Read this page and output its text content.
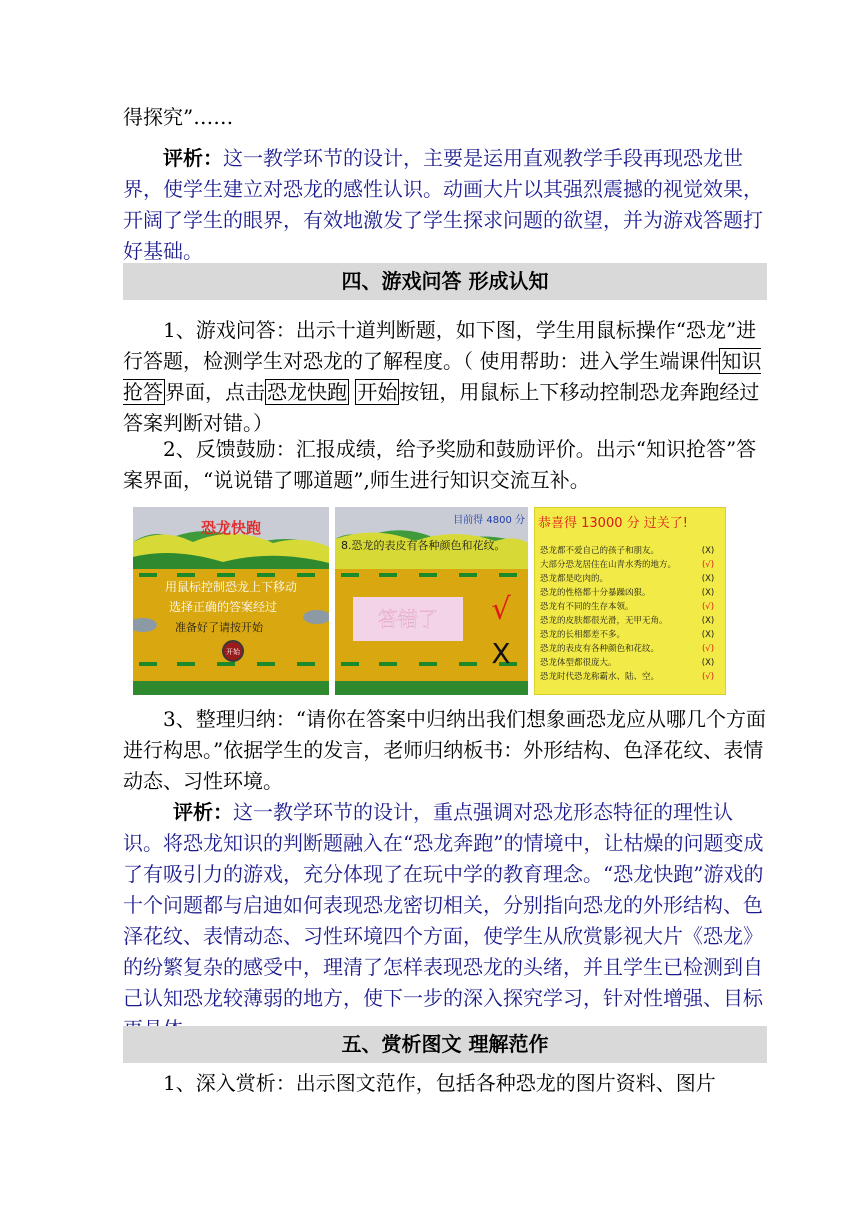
得探究”……

评析：这一教学环节的设计，主要是运用直观教学手段再现恐龙世界，使学生建立对恐龙的感性认识。动画大片以其强烈震撼的视觉效果，开阔了学生的眼界，有效地激发了学生探求问题的欲望，并为游戏答题打好基础。

四、游戏问答 形成认知

1、游戏问答：出示十道判断题，如下图，学生用鼠标操作“恐龙”进行答题，检测学生对恐龙的了解程度。（ 使用帮助：进入学生端课件 知识抢答 界面，点击 恐龙快跑 开始 按钮，用鼠标上下移动控制恐龙奔跑经过答案判断对错。）

2、反馈鼓励：汇报成绩，给予奖励和鼓励评价。出示“知识抢答”答案界面，“说说错了哪道题”,师生进行知识交流互补。

恐龙快跑
用鼠标控制恐龙上下移动
选择正确的答案经过
准备好了请按开始
开始
目前得 4800 分
8.恐龙的表皮有各种颜色和花纹。
答错了 √
X
恭喜得 13000 分 过关了!
恐龙都不爱自己的孩子和朋友。	(X)
大部分恐龙居住在山青水秀的地方。	(√)
恐龙都是吃肉的。	(X)
恐龙的性格都十分暴躁凶狠。	(X)
恐龙有不同的生存本领。	(√)
恐龙的皮肤都很光滑，无甲无角。	(X)
恐龙的长相都差不多。	(X)
恐龙的表皮有各种颜色和花纹。	(√)
恐龙体型都很庞大。	(X)
恐龙时代恐龙称霸水、陆、空。	(√)

3、整理归纳：“请你在答案中归纳出我们想象画恐龙应从哪几个方面进行构思。”依据学生的发言，老师归纳板书：外形结构、色泽花纹、表情动态、习性环境。

评析：这一教学环节的设计，重点强调对恐龙形态特征的理性认识。将恐龙知识的判断题融入在“恐龙奔跑”的情境中，让枯燥的问题变成了有吸引力的游戏，充分体现了在玩中学的教育理念。“恐龙快跑”游戏的十个问题都与启迪如何表现恐龙密切相关，分别指向恐龙的外形结构、色泽花纹、表情动态、习性环境四个方面，使学生从欣赏影视大片《恐龙》的纷繁复杂的感受中，理清了怎样表现恐龙的头绪，并且学生已检测到自己认知恐龙较薄弱的地方，使下一步的深入探究学习，针对性增强、目标

五、赏析图文 理解范作

1、深入赏析：出示图文范作，包括各种恐龙的图片资料、图片
